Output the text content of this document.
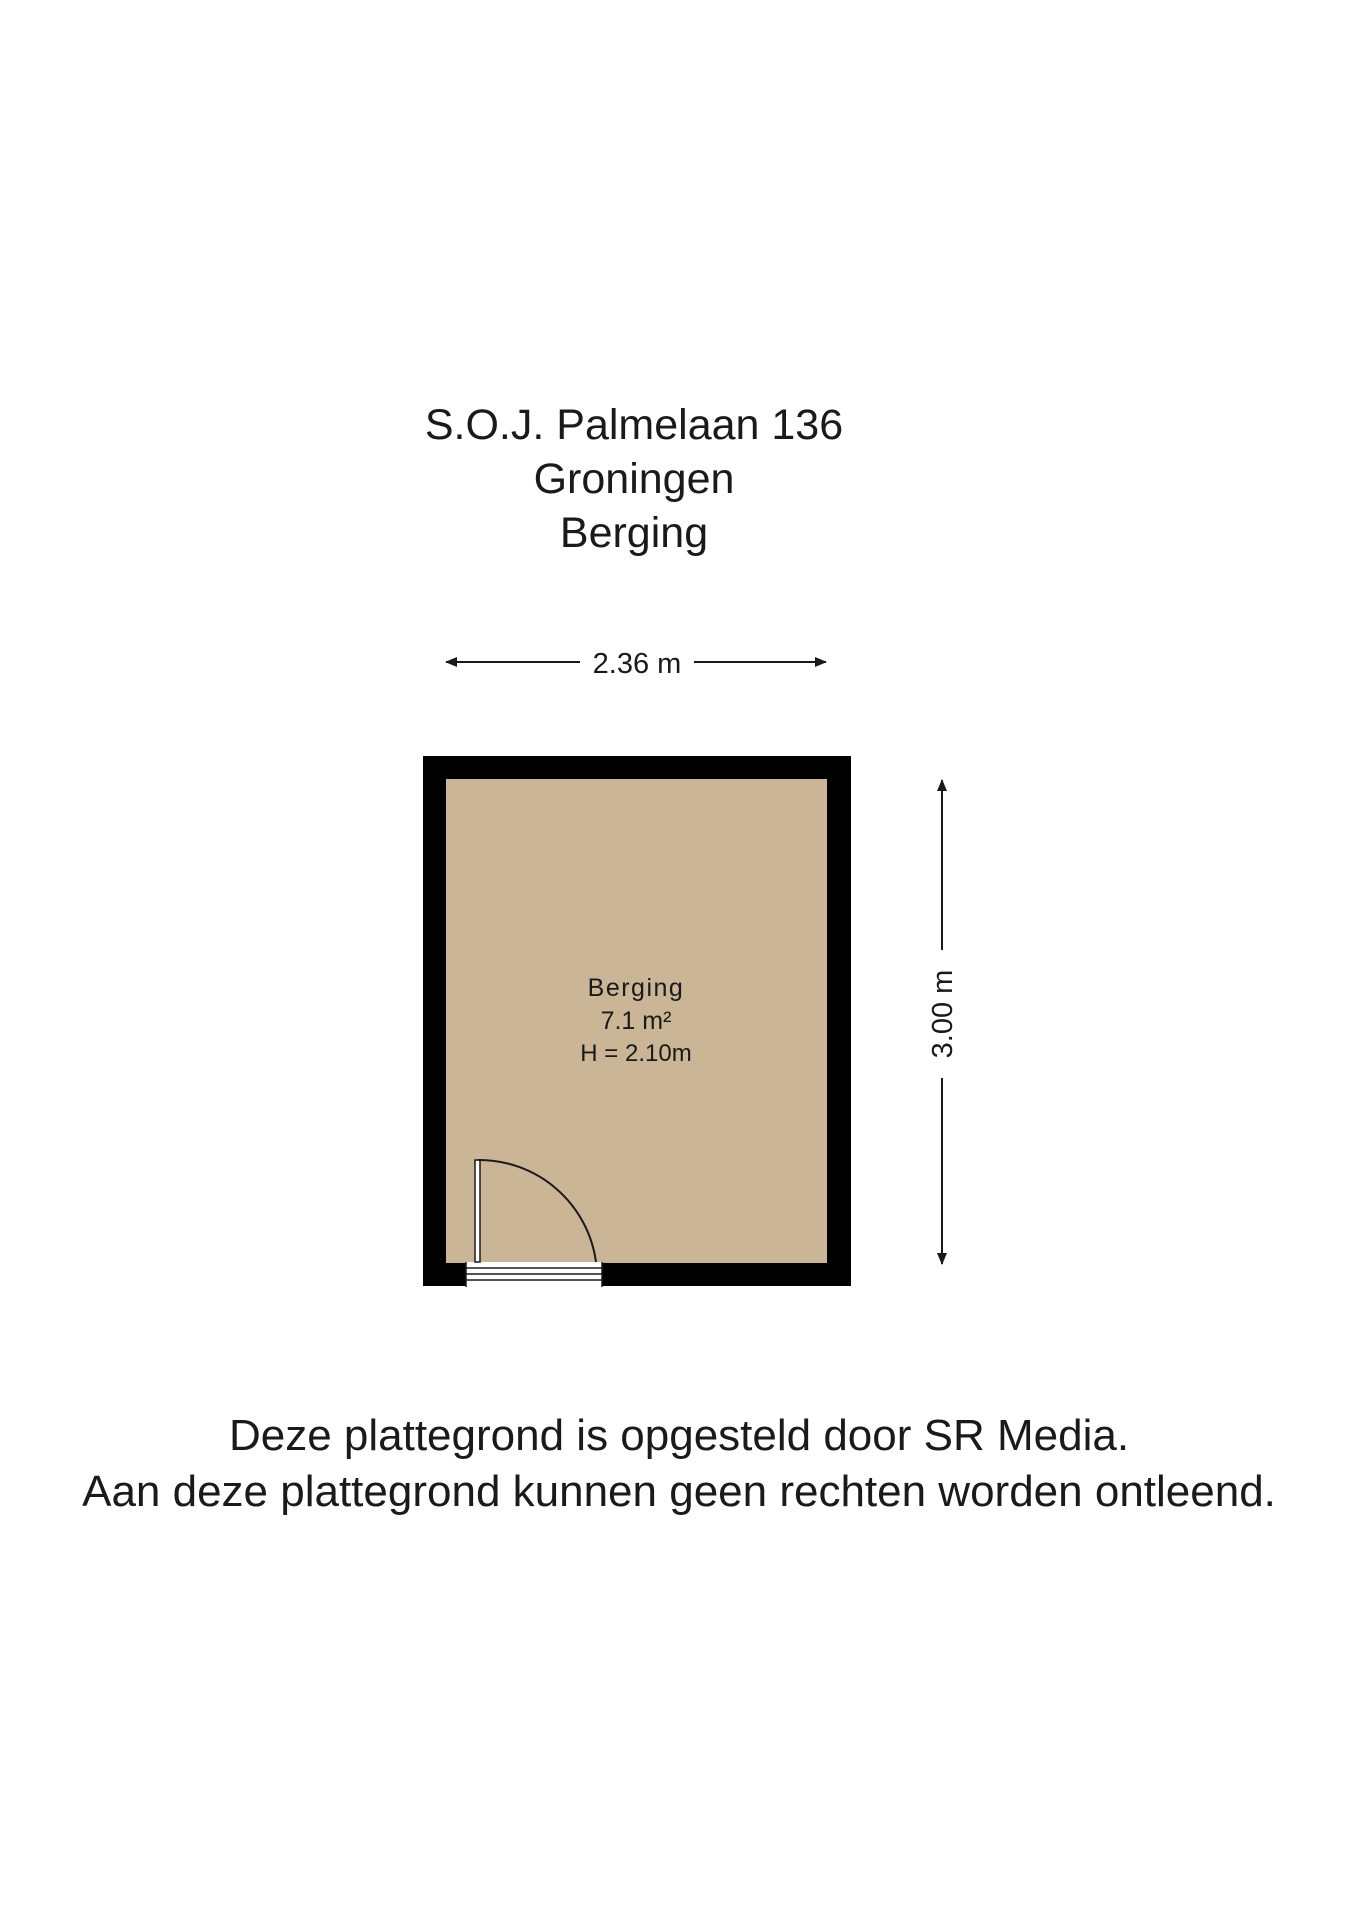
S.O.J. Palmelaan 136
Groningen
Berging
2.36 m
3.00 m
Berging
7.1 m²
H = 2.10m
Deze plattegrond is opgesteld door SR Media.
Aan deze plattegrond kunnen geen rechten worden ontleend.
